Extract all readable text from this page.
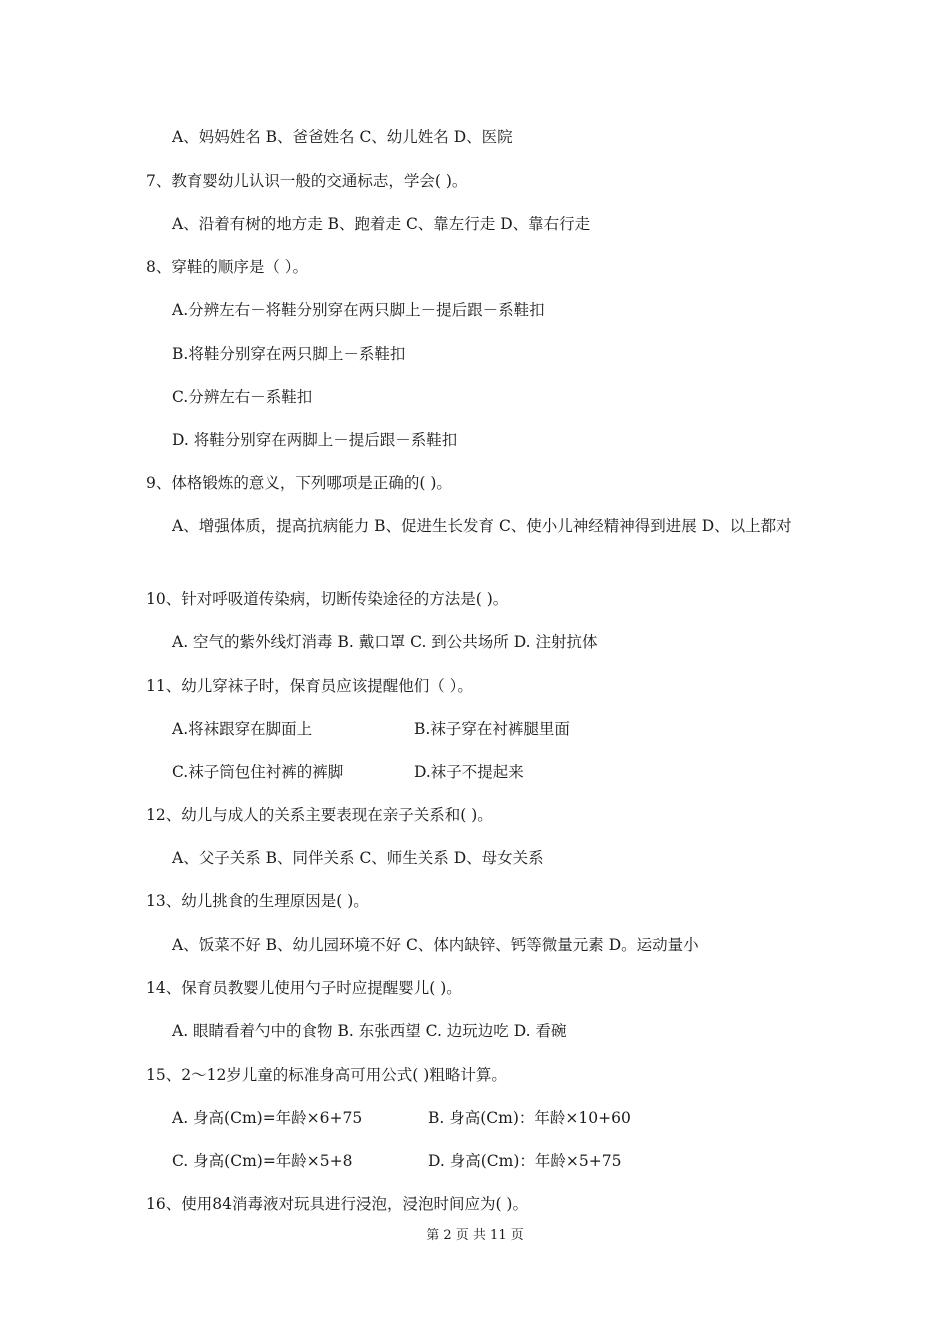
A、妈妈姓名 B、爸爸姓名 C、幼儿姓名 D、医院
7、教育婴幼儿认识一般的交通标志，学会( )。
A、沿着有树的地方走 B、跑着走 C、靠左行走 D、靠右行走
8、穿鞋的顺序是（ ）。
A.分辨左右－将鞋分别穿在两只脚上－提后跟－系鞋扣
B.将鞋分别穿在两只脚上－系鞋扣
C.分辨左右－系鞋扣
D. 将鞋分别穿在两脚上－提后跟－系鞋扣
9、体格锻炼的意义，下列哪项是正确的( )。
A、增强体质，提高抗病能力 B、促进生长发育 C、使小儿神经精神得到进展 D、以上都对
10、针对呼吸道传染病，切断传染途径的方法是( )。
A. 空气的紫外线灯消毒 B. 戴口罩 C. 到公共场所 D. 注射抗体
11、幼儿穿袜子时，保育员应该提醒他们（ ）。
A.将袜跟穿在脚面上	B.袜子穿在衬裤腿里面
C.袜子筒包住衬裤的裤脚	D.袜子不提起来
12、幼儿与成人的关系主要表现在亲子关系和( )。
A、父子关系 B、同伴关系 C、师生关系 D、母女关系
13、幼儿挑食的生理原因是( )。
A、饭菜不好 B、幼儿园环境不好 C、体内缺锌、钙等微量元素 D。运动量小
14、保育员教婴儿使用勺子时应提醒婴儿( )。
A. 眼睛看着勺中的食物 B. 东张西望 C. 边玩边吃 D. 看碗
15、2～12岁儿童的标准身高可用公式( )粗略计算。
A. 身高(Cm)=年龄×6+75	B. 身高(Cm)：年龄×10+60
C. 身高(Cm)=年龄×5+8	D. 身高(Cm)：年龄×5+75
16、使用84消毒液对玩具进行浸泡，浸泡时间应为( )。
第 2 页 共 11 页
